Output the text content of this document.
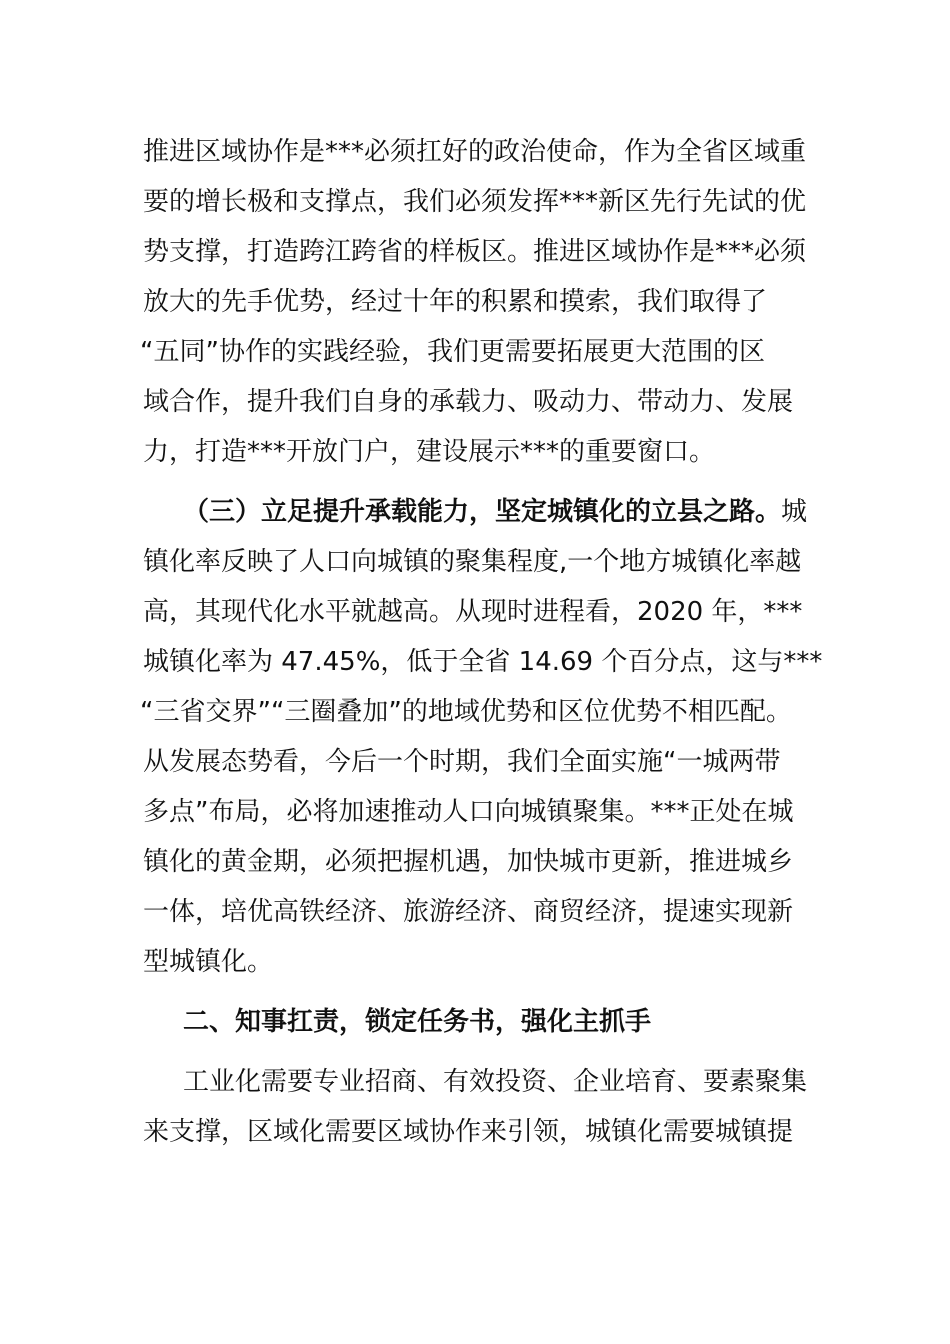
推进区域协作是***必须扛好的政治使命，作为全省区域重
要的增长极和支撑点，我们必须发挥***新区先行先试的优
势支撑，打造跨江跨省的样板区。推进区域协作是***必须
放大的先手优势，经过十年的积累和摸索，我们取得了
“五同”协作的实践经验，我们更需要拓展更大范围的区
域合作，提升我们自身的承载力、吸动力、带动力、发展
力，打造***开放门户，建设展示***的重要窗口。
（三）立足提升承载能力，坚定城镇化的立县之路。城
镇化率反映了人口向城镇的聚集程度,一个地方城镇化率越
高，其现代化水平就越高。从现时进程看，2020 年，***
城镇化率为 47.45%，低于全省 14.69 个百分点，这与***
“三省交界”“三圈叠加”的地域优势和区位优势不相匹配。
从发展态势看，今后一个时期，我们全面实施“一城两带
多点”布局，必将加速推动人口向城镇聚集。***正处在城
镇化的黄金期，必须把握机遇，加快城市更新，推进城乡
一体，培优高铁经济、旅游经济、商贸经济，提速实现新
型城镇化。
二、知事扛责，锁定任务书，强化主抓手
工业化需要专业招商、有效投资、企业培育、要素聚集
来支撑，区域化需要区域协作来引领，城镇化需要城镇提
